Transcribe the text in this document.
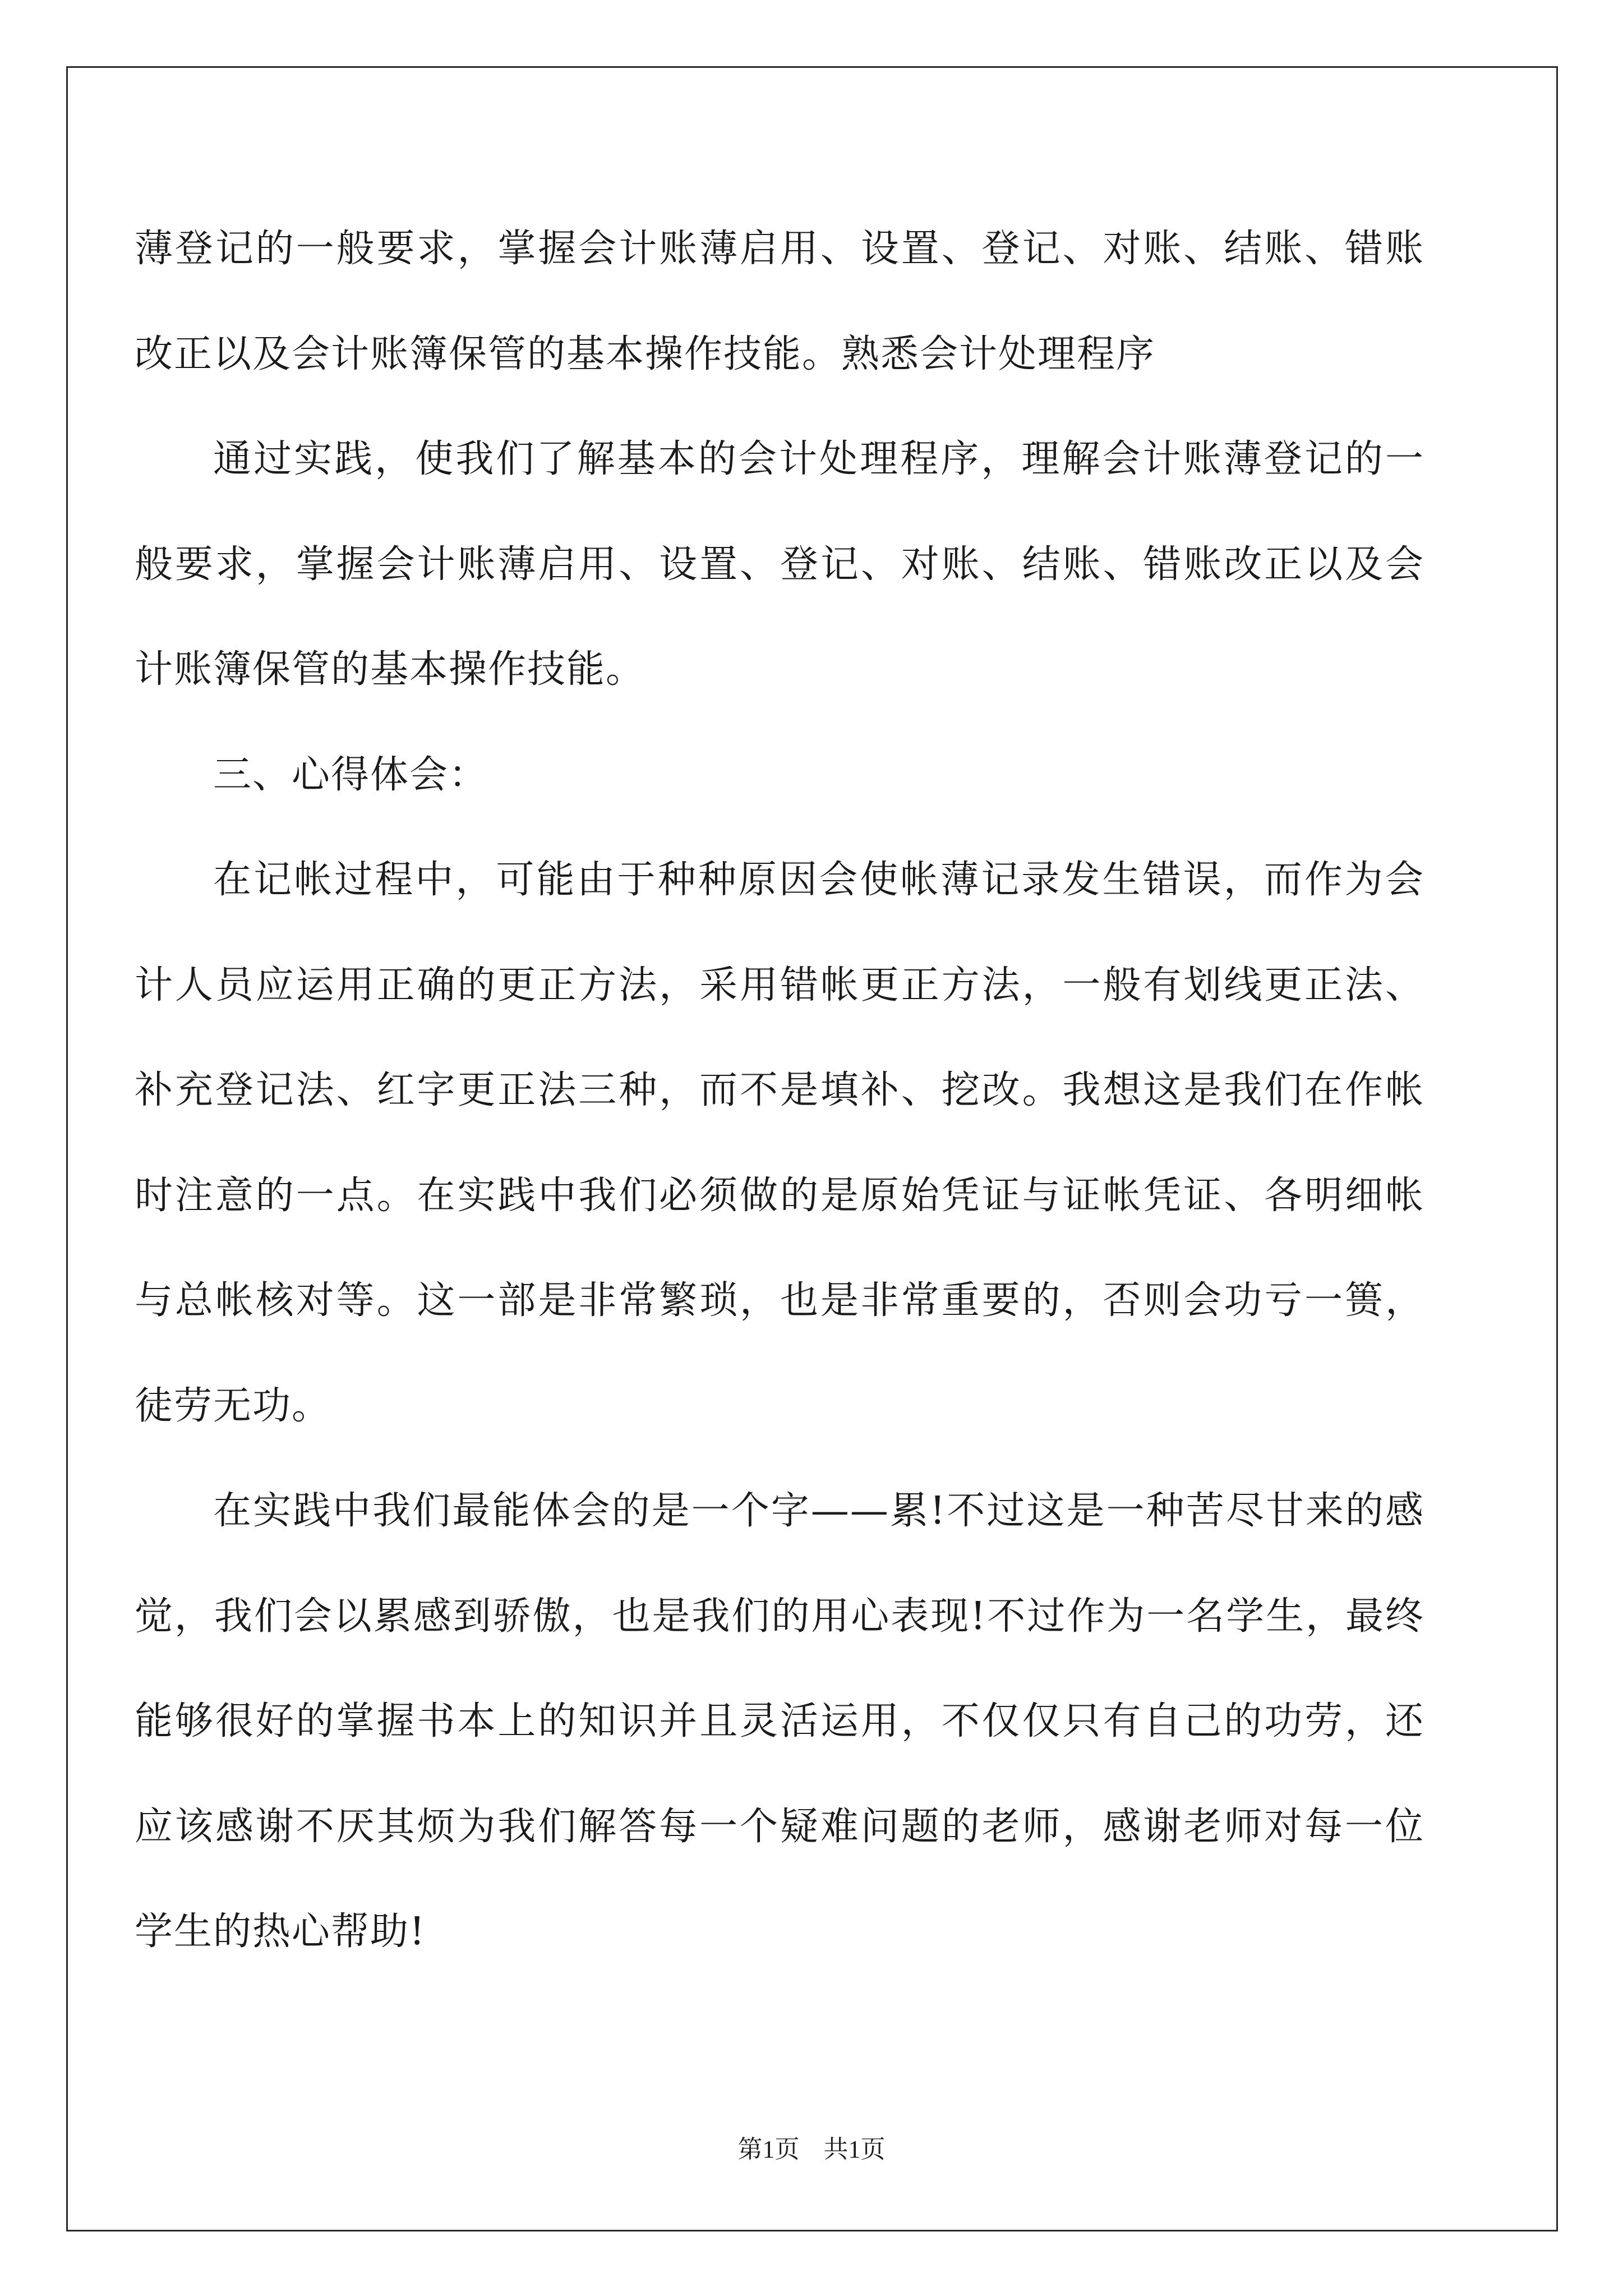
薄登记的一般要求，掌握会计账薄启用、设置、登记、对账、结账、错账改正以及会计账簿保管的基本操作技能。熟悉会计处理程序

通过实践，使我们了解基本的会计处理程序，理解会计账薄登记的一般要求，掌握会计账薄启用、设置、登记、对账、结账、错账改正以及会计账簿保管的基本操作技能。

三、心得体会：

在记帐过程中，可能由于种种原因会使帐薄记录发生错误，而作为会计人员应运用正确的更正方法，采用错帐更正方法，一般有划线更正法、补充登记法、红字更正法三种，而不是填补、挖改。我想这是我们在作帐时注意的一点。在实践中我们必须做的是原始凭证与证帐凭证、各明细帐与总帐核对等。这一部是非常繁琐，也是非常重要的，否则会功亏一篑，徒劳无功。

在实践中我们最能体会的是一个字——累!不过这是一种苦尽甘来的感觉，我们会以累感到骄傲，也是我们的用心表现!不过作为一名学生，最终能够很好的掌握书本上的知识并且灵活运用，不仅仅只有自己的功劳，还应该感谢不厌其烦为我们解答每一个疑难问题的老师，感谢老师对每一位学生的热心帮助!

第1页 共1页
